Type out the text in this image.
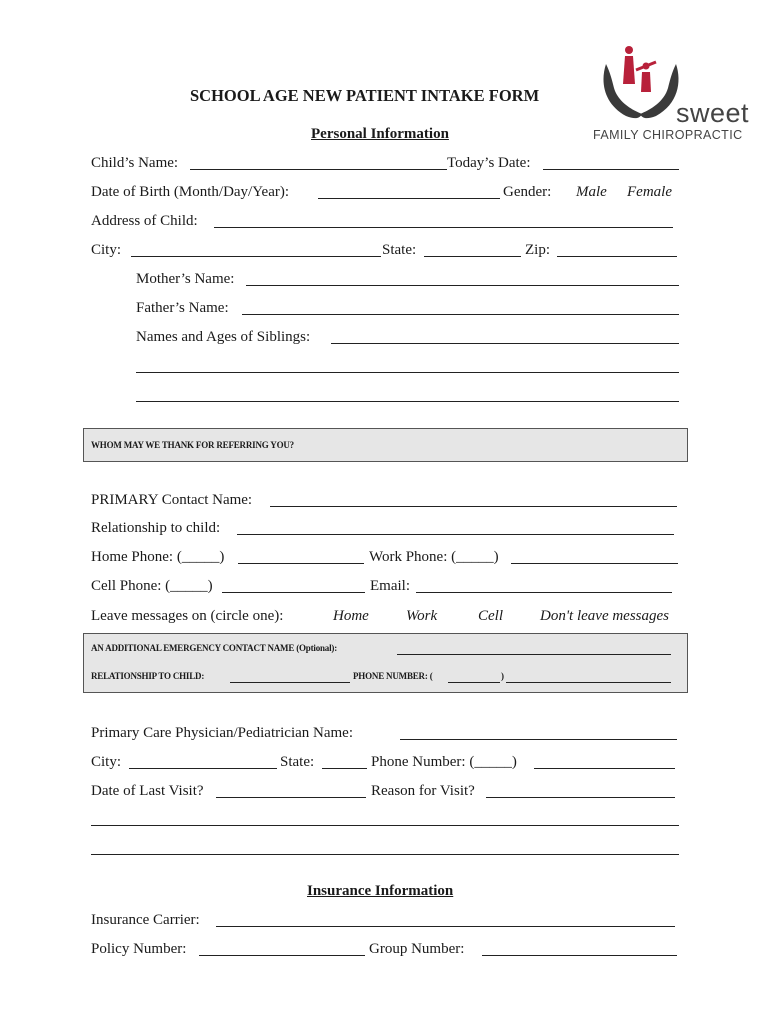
sweet
FAMILY CHIROPRACTIC
SCHOOL AGE NEW PATIENT INTAKE FORM
Personal Information
Child’s Name:	Today’s Date:
Date of Birth (Month/Day/Year):	Gender: Male Female
Address of Child:
City:	State:	Zip:
Mother’s Name:
Father’s Name:
Names and Ages of Siblings:
WHOM MAY WE THANK FOR REFERRING YOU?
PRIMARY Contact Name:
Relationship to child:
Home Phone: (_____)	Work Phone: (_____)
Cell Phone: (_____)	Email:
Leave messages on (circle one):	Home Work	Cell Don't leave messages
AN ADDITIONAL EMERGENCY CONTACT NAME (Optional):
RELATIONSHIP TO CHILD:	PHONE NUMBER: (	)
Primary Care Physician/Pediatrician Name:
City:	State:	Phone Number: (_____)
Date of Last Visit?	Reason for Visit?
Insurance Information
Insurance Carrier:
Policy Number:	Group Number:
